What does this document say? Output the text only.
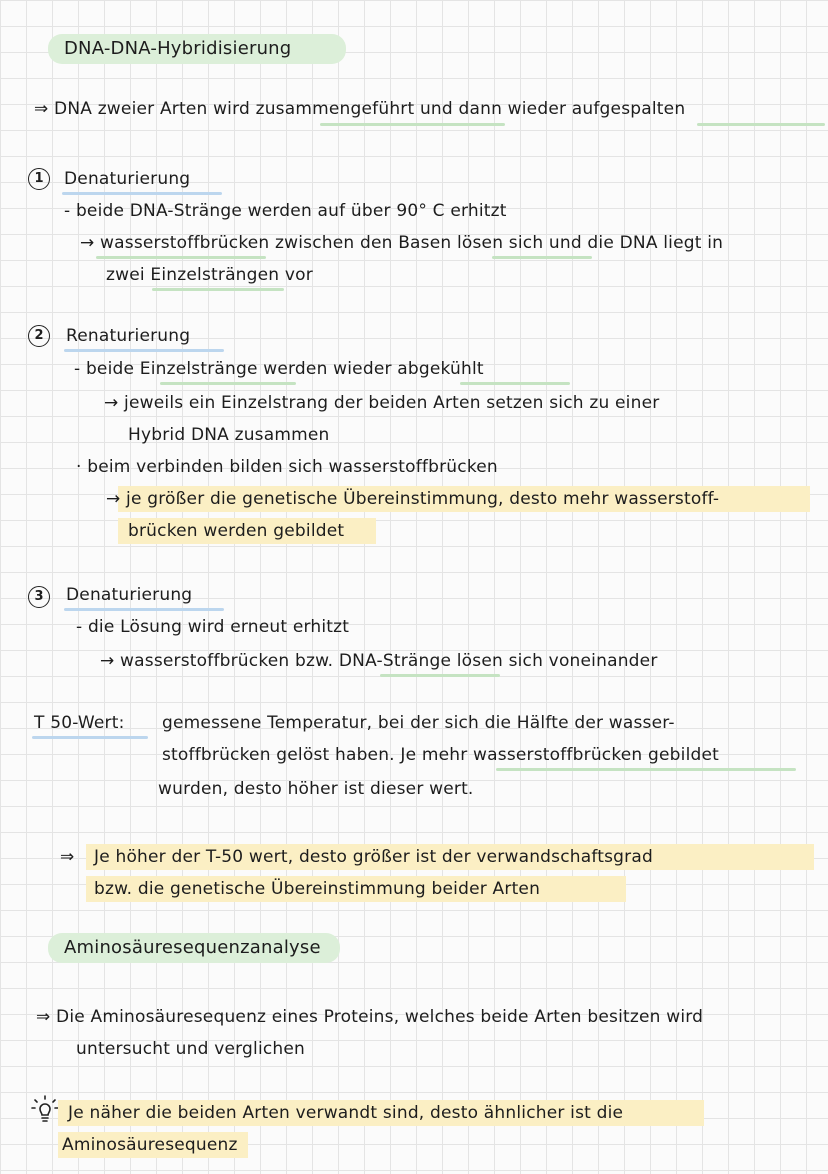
DNA-DNA-Hybridisierung
⇒ DNA zweier Arten wird zusammengeführt und dann wieder aufgespalten
1	Denaturierung
- beide DNA-Stränge werden auf über 90° C erhitzt
→ wasserstoffbrücken zwischen den Basen lösen sich und die DNA liegt in
zwei Einzelsträngen vor
2	Renaturierung
- beide Einzelstränge werden wieder abgekühlt
→ jeweils ein Einzelstrang der beiden Arten setzen sich zu einer
Hybrid DNA zusammen
· beim verbinden bilden sich wasserstoffbrücken
→ je größer die genetische Übereinstimmung, desto mehr wasserstoff-
brücken werden gebildet
3	Denaturierung
- die Lösung wird erneut erhitzt
→ wasserstoffbrücken bzw. DNA-Stränge lösen sich voneinander
T 50-Wert: gemessene Temperatur, bei der sich die Hälfte der wasser-
stoffbrücken gelöst haben. Je mehr wasserstoffbrücken gebildet
wurden, desto höher ist dieser wert.
⇒ Je höher der T-50 wert, desto größer ist der verwandschaftsgrad
bzw. die genetische Übereinstimmung beider Arten
Aminosäuresequenzanalyse
⇒ Die Aminosäuresequenz eines Proteins, welches beide Arten besitzen wird
untersucht und verglichen
Je näher die beiden Arten verwandt sind, desto ähnlicher ist die
Aminosäuresequenz
